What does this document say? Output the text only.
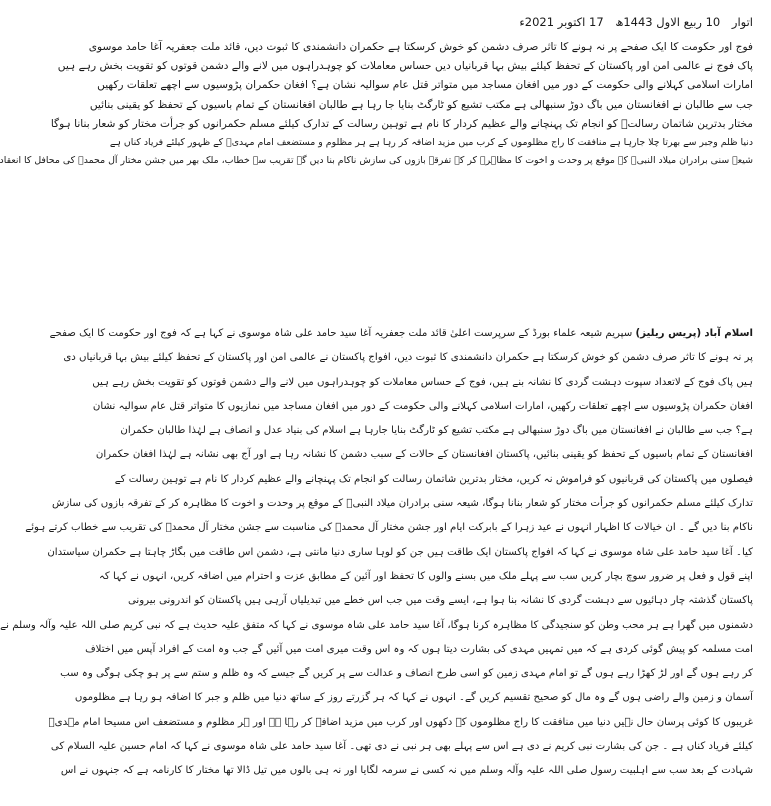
اتوار 10 ربیع الاول 1443ھ 17 اکتوبر 2021ء

فوج اور حکومت کا ایک صفحے پر نہ ہونے کا تاثر صرف دشمن کو خوش کرسکتا ہے حکمران دانشمندی کا ثبوت دیں، قائد ملت جعفریہ آغا حامد موسوی

پاک فوج نے عالمی امن اور پاکستان کے تحفظ کیلئے بیش بہا قربانیاں دیں حساس معاملات کو چوہدراہوں میں لانے والے دشمن قوتوں کو تقویت بخش رہے ہیں

امارات اسلامی کہلانے والی حکومت کے دور میں افغان مساجد میں متواتر قتل عام سوالیہ نشان ہے؟ افغان حکمران پڑوسیوں سے اچھے تعلقات رکھیں

جب سے طالبان نے افغانستان میں باگ دوڑ سنبھالی ہے مکتب تشیع کو ٹارگٹ بنایا جا رہا ہے طالبان افغانستان کے تمام باسیوں کے تحفظ کو یقینی بنائیں

مختار بدترین شاتمان رسالتؐ کو انجام تک پہنچانے والے عظیم کردار کا نام ہے توہین رسالت کے تدارک کیلئے مسلم حکمرانوں کو جرأت مختار کو شعار بنانا ہوگا

دنیا ظلم وجبر سے بھرتا چلا جارہا ہے منافقت کا راج مظلوموں کے کرب میں مزید اضافہ کر رہا ہے ہر مظلوم و مستضعف امام مہدیؑ کے ظہور کیلئے فریاد کناں ہے

شیعہ سنی برادران میلاد النبیؐ کے موقع پر وحدت و اخوت کا مظاہرہ کر کے تفرقہ بازوں کی سازش ناکام بنا دیں گے تقریب سے خطاب، ملک بھر میں جشن مختار آل محمدؐ کی محافل کا انعقاد

اسلام آباد (پریس ریلیز) سپریم شیعہ علماء بورڈ کے سرپرست اعلیٰ قائد ملت جعفریہ آغا سید حامد علی شاہ موسوی نے کہا ہے کہ فوج اور حکومت کا ایک صفحے

پر نہ ہونے کا تاثر صرف دشمن کو خوش کرسکتا ہے حکمران دانشمندی کا ثبوت دیں، افواج پاکستان نے عالمی امن اور پاکستان کے تحفظ کیلئے بیش بہا قربانیاں دی

ہیں پاک فوج کے لاتعداد سپوت دہشت گردی کا نشانہ بنے ہیں، فوج کے حساس معاملات کو چوہدراہوں میں لانے والے دشمن قوتوں کو تقویت بخش رہے ہیں

افغان حکمران پڑوسیوں سے اچھے تعلقات رکھیں، امارات اسلامی کہلانے والی حکومت کے دور میں افغان مساجد میں نمازیوں کا متواتر قتل عام سوالیہ نشان

ہے؟ جب سے طالبان نے افغانستان میں باگ دوڑ سنبھالی ہے مکتب تشیع کو ٹارگٹ بنایا جارہا ہے اسلام کی بنیاد عدل و انصاف ہے لہٰذا طالبان حکمران

افغانستان کے تمام باسیوں کے تحفظ کو یقینی بنائیں، پاکستان افغانستان کے حالات کے سبب دشمن کا نشانہ رہا ہے اور آج بھی نشانہ ہے لہٰذا افغان حکمران

فیصلوں میں پاکستان کی قربانیوں کو فراموش نہ کریں، مختار بدترین شاتمان رسالت کو انجام تک پہنچانے والے عظیم کردار کا نام ہے توہین رسالت کے

تدارک کیلئے مسلم حکمرانوں کو جرأت مختار کو شعار بنانا ہوگا، شیعہ سنی برادران میلاد النبیؐ کے موقع پر وحدت و اخوت کا مظاہرہ کر کے تفرقہ بازوں کی سازش

ناکام بنا دیں گے ۔ ان خیالات کا اظہار انہوں نے عید زہرا کے بابرکت ایام اور جشن مختار آل محمدؐ کی مناسبت سے جشن مختار آل محمدؐ کی تقریب سے خطاب کرتے ہوئے

کیا۔ آغا سید حامد علی شاہ موسوی نے کہا کہ افواج پاکستان ایک طاقت ہیں جن کو لوہا ساری دنیا مانتی ہے، دشمن اس طاقت میں بگاڑ چاہتا ہے حکمران سیاستدان

اپنے قول و فعل پر ضرور سوچ بچار کریں سب سے پہلے ملک میں بسنے والوں کا تحفظ اور آئین کے مطابق عزت و احترام میں اضافہ کریں، انہوں نے کہا کہ

پاکستان گذشتہ چار دہائیوں سے دہشت گردی کا نشانہ بنا ہوا ہے، ایسے وقت میں جب اس خطے میں تبدیلیاں آرہی ہیں پاکستان کو اندرونی بیرونی

دشمنوں میں گھرا ہے ہر محب وطن کو سنجیدگی کا مظاہرہ کرنا ہوگا، آغا سید حامد علی شاہ موسوی نے کہا کہ متفق علیہ حدیث ہے کہ نبی کریم صلی اللہ علیہ وآلہ وسلم نے

امت مسلمہ کو پیش گوئی کردی ہے کہ میں تمہیں مہدی کی بشارت دیتا ہوں کہ وہ اس وقت میری امت میں آئیں گے جب وہ امت کے افراد آپس میں اختلاف

کر رہے ہوں گے اور لڑ کھڑا رہے ہوں گے تو امام مہدی زمین کو اسی طرح انصاف و عدالت سے پر کریں گے جیسے کہ وہ ظلم و ستم سے پر ہو چکی ہوگی وہ سب

آسمان و زمین والے راضی ہوں گے وہ مال کو صحیح تقسیم کریں گے۔ انہوں نے کہا کہ ہر گزرتے روز کے ساتھ دنیا میں ظلم و جبر کا اضافہ ہو رہا ہے مظلوموں

غریبوں کا کوئی پرسان حال نہیں دنیا میں منافقت کا راج مظلوموں کے دکھوں اور کرب میں مزید اضافہ کر رہا ہے اور ہر مظلوم و مستضعف اس مسیحا امام مہدیؑ

کیلئے فریاد کناں ہے ۔ جن کی بشارت نبی کریم نے دی ہے اس سے پہلے بھی ہر نبی نے دی تھی۔ آغا سید حامد علی شاہ موسوی نے کہا کہ امام حسین علیہ السلام کی

شہادت کے بعد سب سے اہلبیت رسول صلی اللہ علیہ وآلہ وسلم میں نہ کسی نے سرمہ لگایا اور نہ ہی بالوں میں تیل ڈالا تھا مختار کا کارنامہ ہے کہ جنہوں نے اس
